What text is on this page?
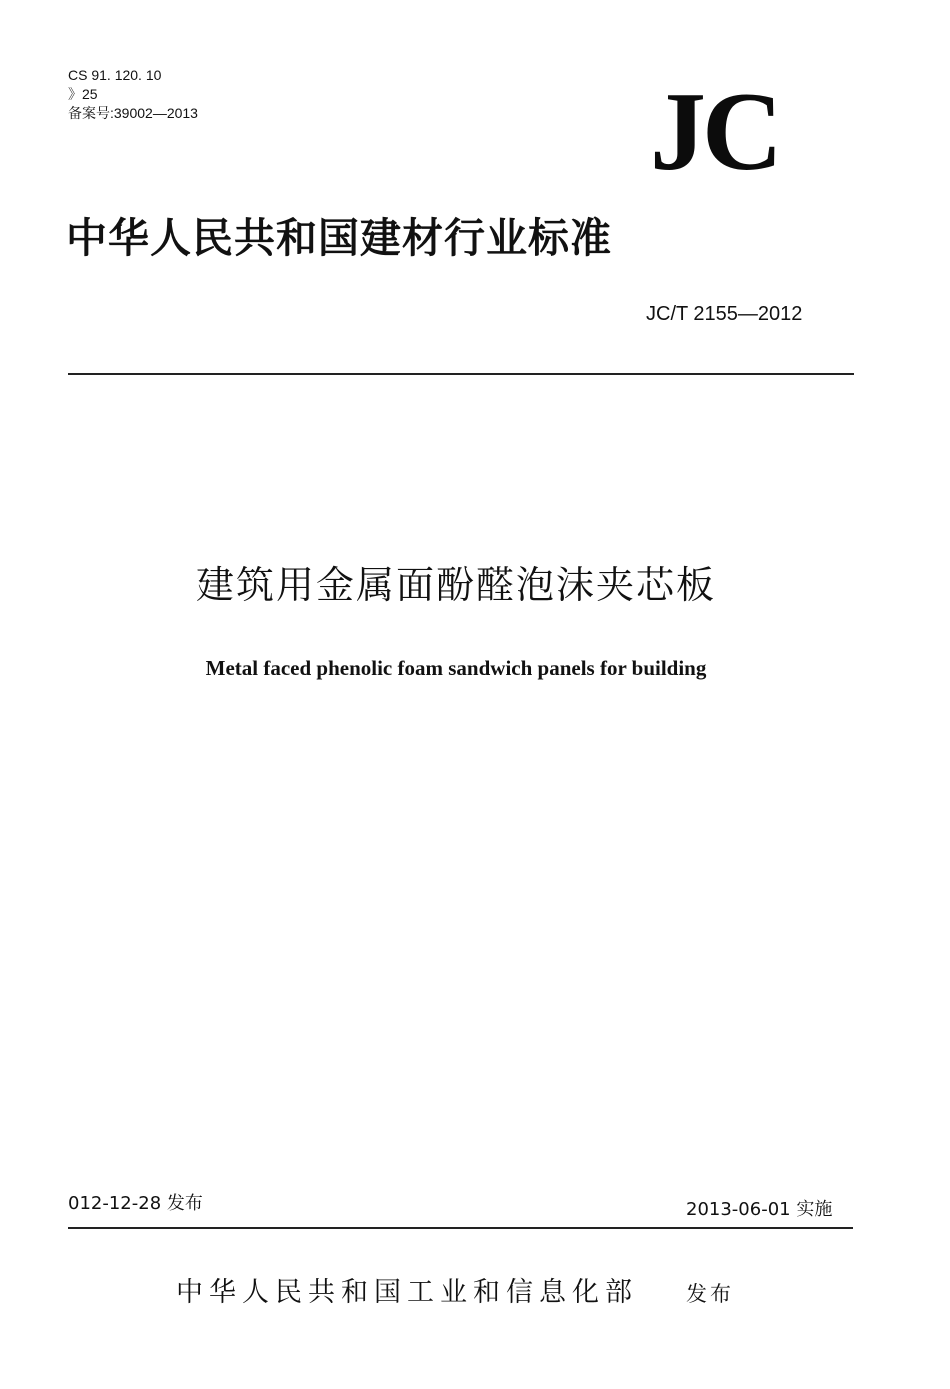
CS 91. 120. 10
》25
备案号:39002—2013	JC
中华人民共和国建材行业标准
JC/T 2155—2012
建筑用金属面酚醛泡沫夹芯板
Metal faced phenolic foam sandwich panels for building
012-12-28 发布	2013-06-01 实施
中华人民共和国工业和信息化部 发布
